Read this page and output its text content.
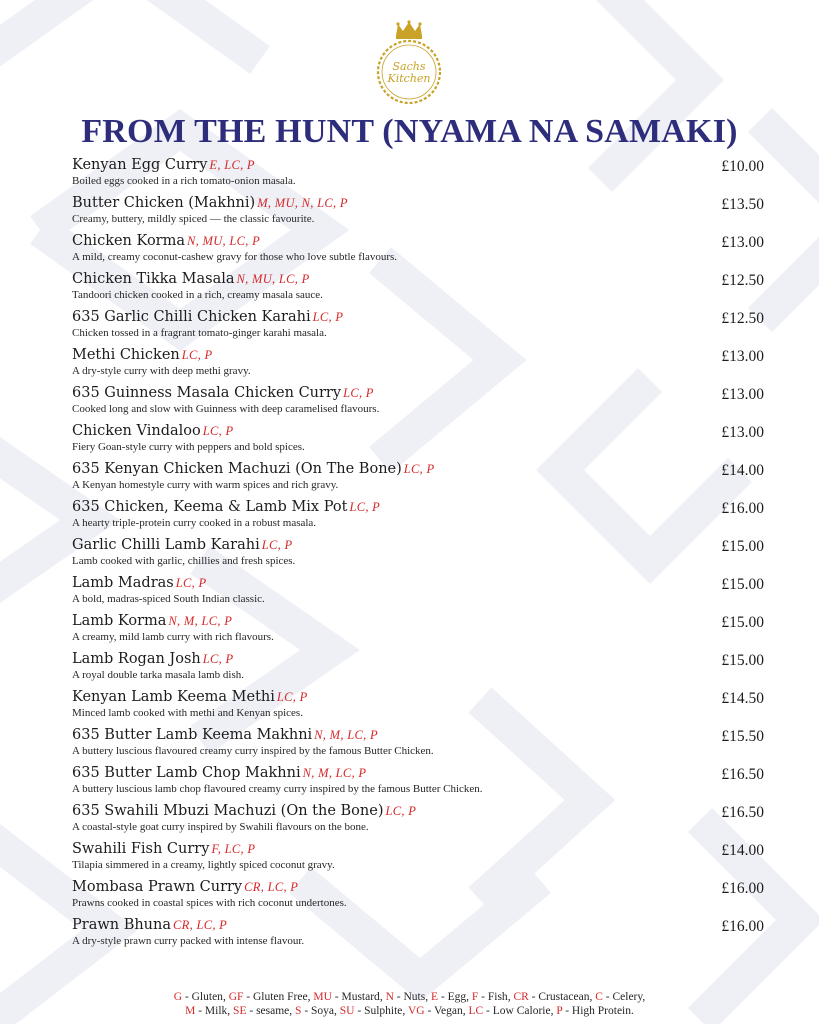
Sachs
Kitchen
FROM THE HUNT (NYAMA NA SAMAKI)
Kenyan Egg Curry E, LC, P
Boiled eggs cooked in a rich tomato-onion masala.
£10.00
Butter Chicken (Makhni) M, MU, N, LC, P
Creamy, buttery, mildly spiced — the classic favourite.
£13.50
Chicken Korma N, MU, LC, P
A mild, creamy coconut-cashew gravy for those who love subtle flavours.
£13.00
Chicken Tikka Masala N, MU, LC, P
Tandoori chicken cooked in a rich, creamy masala sauce.
£12.50
635 Garlic Chilli Chicken Karahi LC, P
Chicken tossed in a fragrant tomato-ginger karahi masala.
£12.50
Methi Chicken LC, P
A dry-style curry with deep methi gravy.
£13.00
635 Guinness Masala Chicken Curry LC, P
Cooked long and slow with Guinness with deep caramelised flavours.
£13.00
Chicken Vindaloo LC, P
Fiery Goan-style curry with peppers and bold spices.
£13.00
635 Kenyan Chicken Machuzi (On The Bone) LC, P
A Kenyan homestyle curry with warm spices and rich gravy.
£14.00
635 Chicken, Keema & Lamb Mix Pot LC, P
A hearty triple-protein curry cooked in a robust masala.
£16.00
Garlic Chilli Lamb Karahi LC, P
Lamb cooked with garlic, chillies and fresh spices.
£15.00
Lamb Madras LC, P
A bold, madras-spiced South Indian classic.
£15.00
Lamb Korma N, M, LC, P
A creamy, mild lamb curry with rich flavours.
£15.00
Lamb Rogan Josh LC, P
A royal double tarka masala lamb dish.
£15.00
Kenyan Lamb Keema Methi LC, P
Minced lamb cooked with methi and Kenyan spices.
£14.50
635 Butter Lamb Keema Makhni N, M, LC, P
A buttery luscious flavoured creamy curry inspired by the famous Butter Chicken.
£15.50
635 Butter Lamb Chop Makhni N, M, LC, P
A buttery luscious lamb chop flavoured creamy curry inspired by the famous Butter Chicken.
£16.50
635 Swahili Mbuzi Machuzi (On the Bone) LC, P
A coastal-style goat curry inspired by Swahili flavours on the bone.
£16.50
Swahili Fish Curry F, LC, P
Tilapia simmered in a creamy, lightly spiced coconut gravy.
£14.00
Mombasa Prawn Curry CR, LC, P
Prawns cooked in coastal spices with rich coconut undertones.
£16.00
Prawn Bhuna CR, LC, P
A dry-style prawn curry packed with intense flavour.
£16.00
G - Gluten, GF - Gluten Free, MU - Mustard, N - Nuts, E - Egg, F - Fish, CR - Crustacean, C - Celery,
M - Milk, SE - sesame, S - Soya, SU - Sulphite, VG - Vegan, LC - Low Calorie, P - High Protein.
